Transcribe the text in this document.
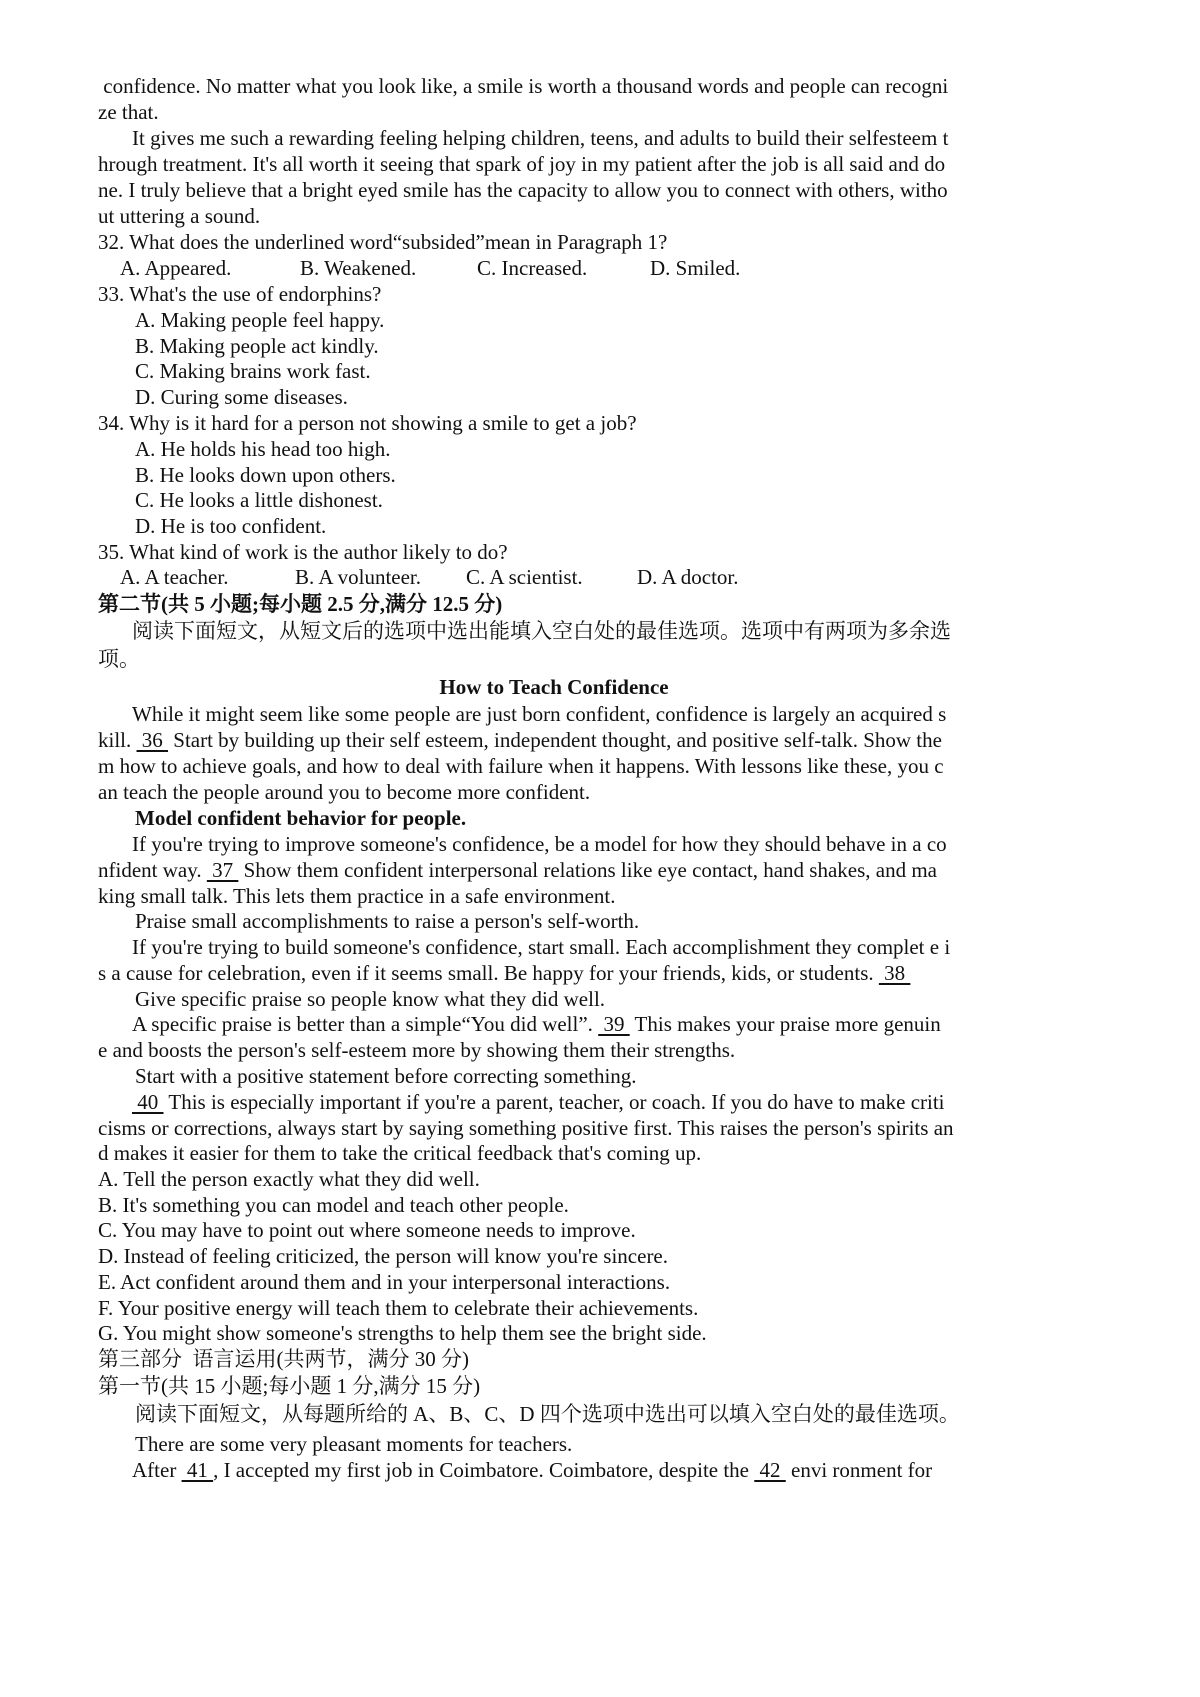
confidence. No matter what you look like, a smile is worth a thousand words and people can recogni
ze that.
It gives me such a rewarding feeling helping children, teens, and adults to build their selfesteem t
hrough treatment. It's all worth it seeing that spark of joy in my patient after the job is all said and do
ne. I truly believe that a bright eyed smile has the capacity to allow you to connect with others, witho
ut uttering a sound.
32. What does the underlined word“subsided”mean in Paragraph 1?
A. Appeared.	B. Weakened.	C. Increased.	D. Smiled.
33. What's the use of endorphins?
A. Making people feel happy.
B. Making people act kindly.
C. Making brains work fast.
D. Curing some diseases.
34. Why is it hard for a person not showing a smile to get a job?
A. He holds his head too high.
B. He looks down upon others.
C. He looks a little dishonest.
D. He is too confident.
35. What kind of work is the author likely to do?
A. A teacher.	B. A volunteer. C. A scientist.	D. A doctor.
第二节(共 5 小题;每小题 2.5 分,满分 12.5 分)
阅读下面短文，从短文后的选项中选出能填入空白处的最佳选项。选项中有两项为多余选
项。
How to Teach Confidence
While it might seem like some people are just born confident, confidence is largely an acquired s
kill.  36  Start by building up their self esteem, independent thought, and positive self-talk. Show the
m how to achieve goals, and how to deal with failure when it happens. With lessons like these, you c
an teach the people around you to become more confident.
Model confident behavior for people.
If you're trying to improve someone's confidence, be a model for how they should behave in a co
nfident way.  37  Show them confident interpersonal relations like eye contact, hand shakes, and ma
king small talk. This lets them practice in a safe environment.
Praise small accomplishments to raise a person's self-worth.
If you're trying to build someone's confidence, start small. Each accomplishment they complet e i
s a cause for celebration, even if it seems small. Be happy for your friends, kids, or students.  38
Give specific praise so people know what they did well.
A specific praise is better than a simple“You did well”.  39  This makes your praise more genuin
e and boosts the person's self-esteem more by showing them their strengths.
Start with a positive statement before correcting something.
40  This is especially important if you're a parent, teacher, or coach. If you do have to make criti
cisms or corrections, always start by saying something positive first. This raises the person's spirits an
d makes it easier for them to take the critical feedback that's coming up.
A. Tell the person exactly what they did well.
B. It's something you can model and teach other people.
C. You may have to point out where someone needs to improve.
D. Instead of feeling criticized, the person will know you're sincere.
E. Act confident around them and in your interpersonal interactions.
F. Your positive energy will teach them to celebrate their achievements.
G. You might show someone's strengths to help them see the bright side.
第三部分  语言运用(共两节，满分 30 分)
第一节(共 15 小题;每小题 1 分,满分 15 分)
阅读下面短文，从每题所给的 A、B、C、D 四个选项中选出可以填入空白处的最佳选项。
There are some very pleasant moments for teachers.
After  41 , I accepted my first job in Coimbatore. Coimbatore, despite the  42  envi ronment for
